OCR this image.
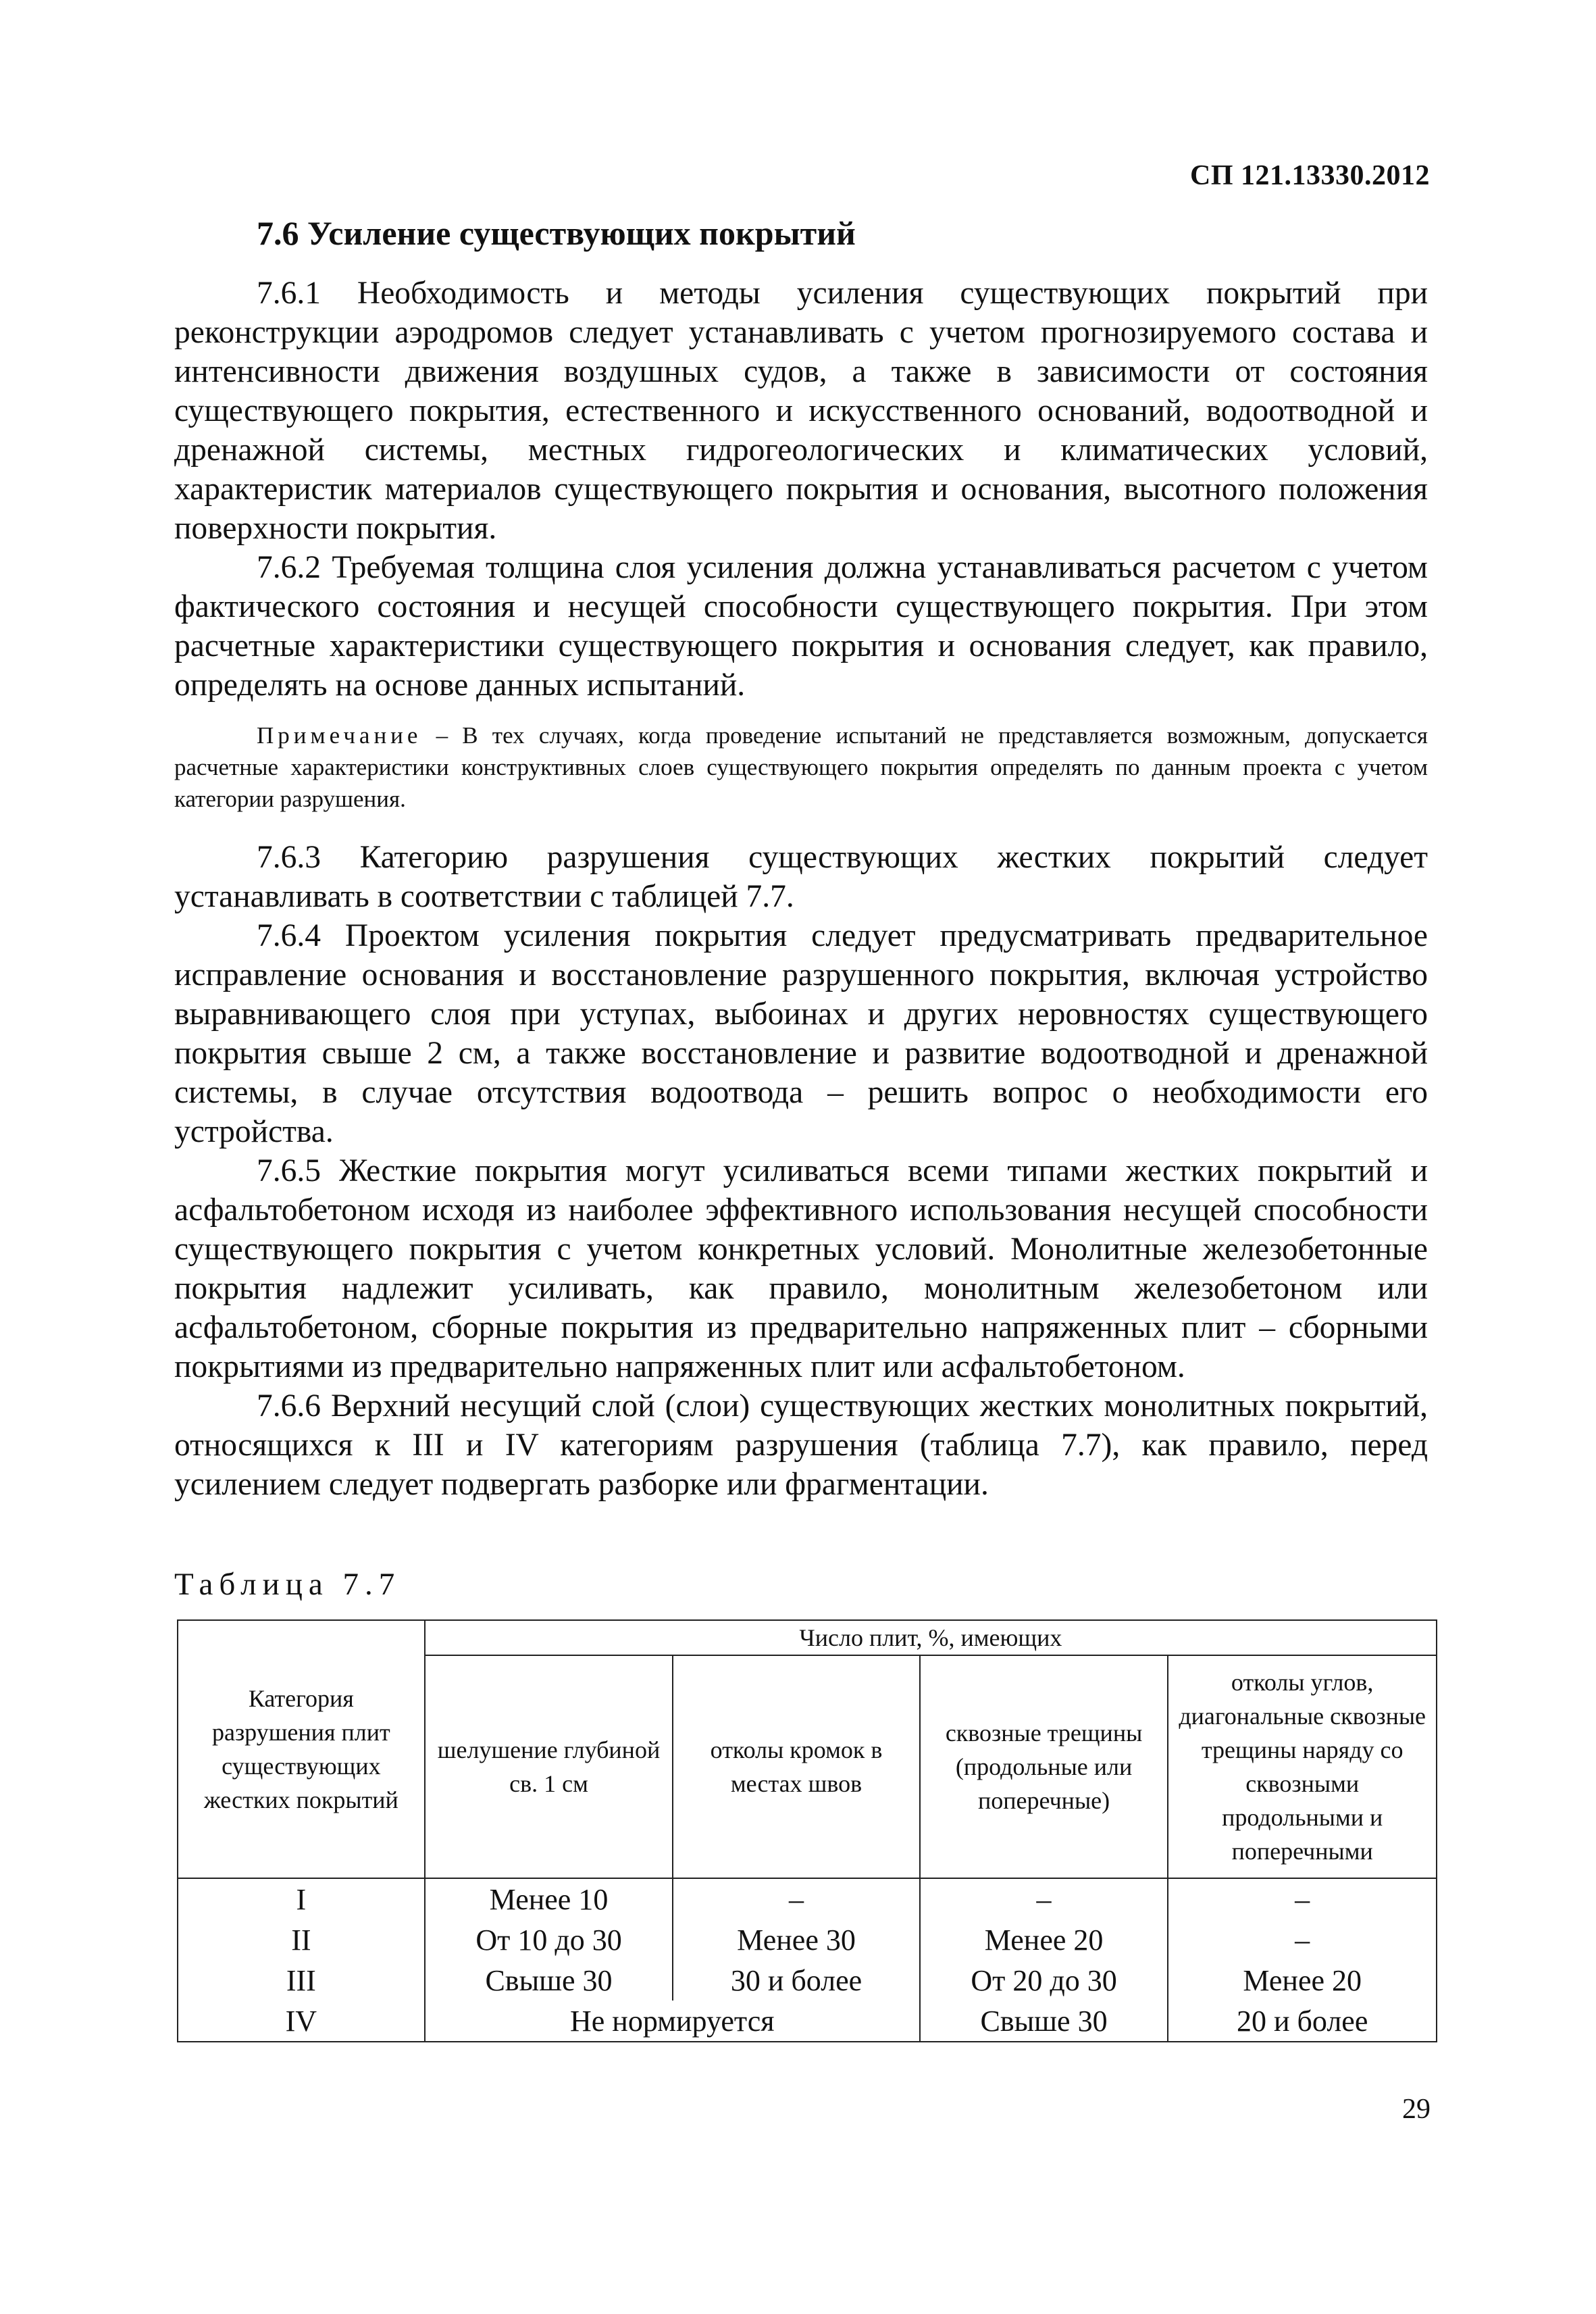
СП 121.13330.2012
7.6 Усиление существующих покрытий

7.6.1 Необходимость и методы усиления существующих покрытий при реконструкции аэродромов следует устанавливать с учетом прогнозируемого состава и интенсивности движения воздушных судов, а также в зависимости от состояния существующего покрытия, естественного и искусственного оснований, водоотводной и дренажной системы, местных гидрогеологических и климатических условий, характеристик материалов существующего покрытия и основания, высотного положения поверхности покрытия.

7.6.2 Требуемая толщина слоя усиления должна устанавливаться расчетом с учетом фактического состояния и несущей способности существующего покрытия. При этом расчетные характеристики существующего покрытия и основания следует, как правило, определять на основе данных испытаний.

Примечание – В тех случаях, когда проведение испытаний не представляется возможным, допускается расчетные характеристики конструктивных слоев существующего покрытия определять по данным проекта с учетом категории разрушения.

7.6.3 Категорию разрушения существующих жестких покрытий следует устанавливать в соответствии с таблицей 7.7.

7.6.4 Проектом усиления покрытия следует предусматривать предварительное исправление основания и восстановление разрушенного покрытия, включая устройство выравнивающего слоя при уступах, выбоинах и других неровностях существующего покрытия свыше 2 см, а также восстановление и развитие водоотводной и дренажной системы, в случае отсутствия водоотвода – решить вопрос о необходимости его устройства.

7.6.5 Жесткие покрытия могут усиливаться всеми типами жестких покрытий и асфальтобетоном исходя из наиболее эффективного использования несущей способности существующего покрытия с учетом конкретных условий. Монолитные железобетонные покрытия надлежит усиливать, как правило, монолитным железобетоном или асфальтобетоном, сборные покрытия из предварительно напряженных плит – сборными покрытиями из предварительно напряженных плит или асфальтобетоном.

7.6.6 Верхний несущий слой (слои) существующих жестких монолитных покрытий, относящихся к III и IV категориям разрушения (таблица 7.7), как правило, перед усилением следует подвергать разборке или фрагментации.

Таблица 7.7
Категория разрушения плит существующих жестких покрытий	Число плит, %, имеющих			
	шелушение глубиной св. 1 см	отколы кромок в местах швов	сквозные трещины (продольные или поперечные)	отколы углов, диагональные сквозные трещины наряду со сквозными продольными и поперечными
I	Менее 10	–	–	–
II	От 10 до 30	Менее 30	Менее 20	–
III	Свыше 30	30 и более	От 20 до 30	Менее 20
IV	Не нормируется		Свыше 30	20 и более
29
